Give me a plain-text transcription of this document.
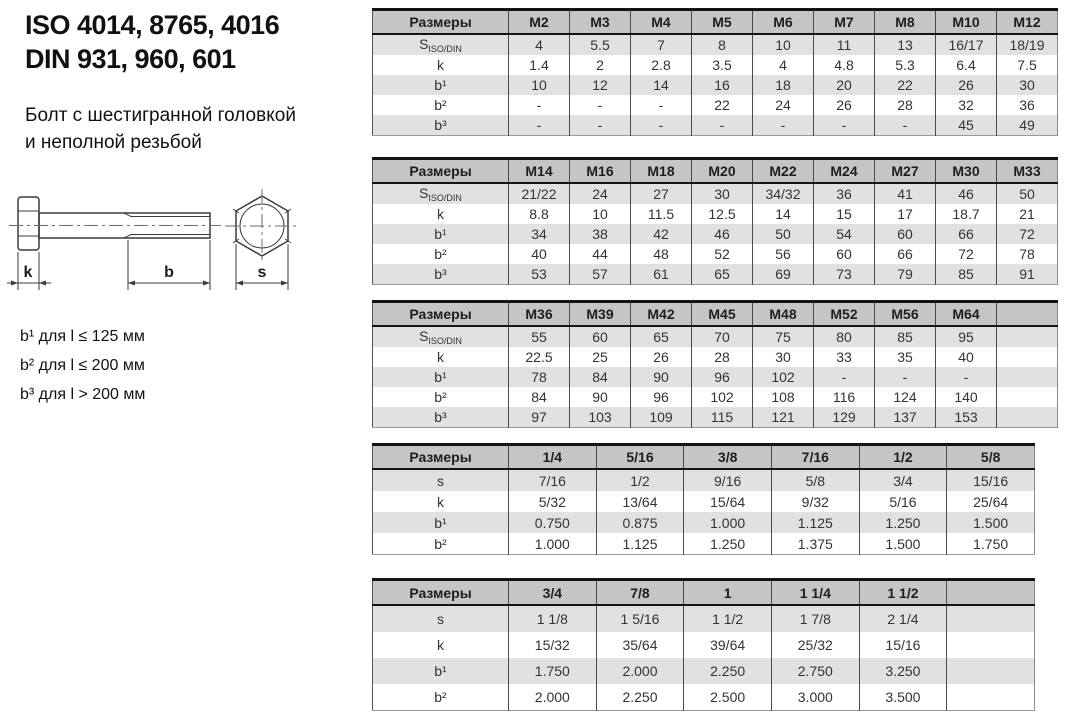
ISO 4014, 8765, 4016

DIN 931, 960, 601

Болт с шестигранной головкой
и неполной резьбой
k	b	s
b¹ для l ≤ 125 мм
b² для l ≤ 200 мм
b³ для l > 200 мм
Размеры	M2	M3	M4	M5	M6	M7	M8	M10	M12
$S_{ISO/DIN}$	4	5.5	7	8	10	11	13	16/17	18/19
k	1.4	2	2.8	3.5	4	4.8	5.3	6.4	7.5
b¹	10	12	14	16	18	20	22	26	30
b²	-	-	-	22	24	26	28	32	36
b³	-	-	-	-	-	-	-	45	49
Размеры	M14	M16	M18	M20	M22	M24	M27	M30	M33
$S_{ISO/DIN}$	21/22	24	27	30	34/32	36	41	46	50
k	8.8	10	11.5	12.5	14	15	17	18.7	21
b¹	34	38	42	46	50	54	60	66	72
b²	40	44	48	52	56	60	66	72	78
b³	53	57	61	65	69	73	79	85	91
Размеры	M36	M39	M42	M45	M48	M52	M56	M64	
$S_{ISO/DIN}$	55	60	65	70	75	80	85	95	
k	22.5	25	26	28	30	33	35	40	
b¹	78	84	90	96	102	-	-	-	
b²	84	90	96	102	108	116	124	140	
b³	97	103	109	115	121	129	137	153	
Размеры	1/4	5/16	3/8	7/16	1/2	5/8
s	7/16	1/2	9/16	5/8	3/4	15/16
k	5/32	13/64	15/64	9/32	5/16	25/64
b¹	0.750	0.875	1.000	1.125	1.250	1.500
b²	1.000	1.125	1.250	1.375	1.500	1.750
Размеры	3/4	7/8	1	1 1/4	1 1/2	
s	1 1/8	1 5/16	1 1/2	1 7/8	2 1/4	
k	15/32	35/64	39/64	25/32	15/16	
b¹	1.750	2.000	2.250	2.750	3.250	
b²	2.000	2.250	2.500	3.000	3.500	
